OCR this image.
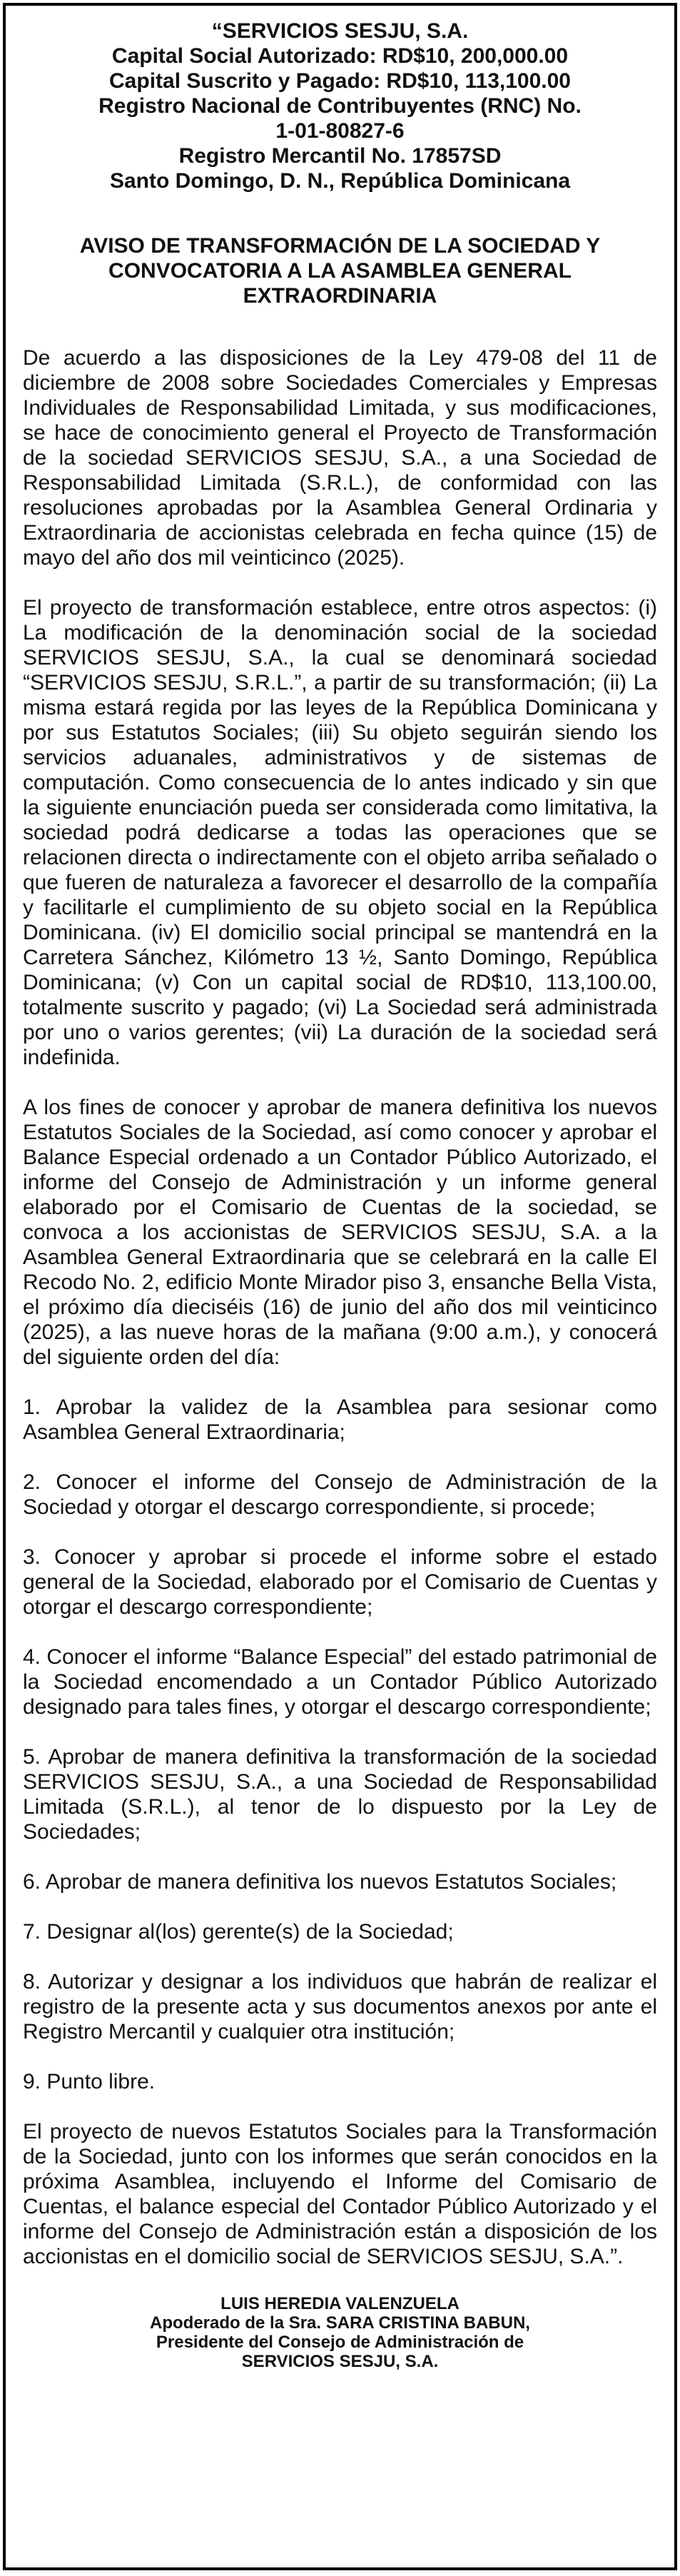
“SERVICIOS SESJU, S.A.
Capital Social Autorizado: RD$10, 200,000.00
Capital Suscrito y Pagado: RD$10, 113,100.00
Registro Nacional de Contribuyentes (RNC) No.
1-01-80827-6
Registro Mercantil No. 17857SD
Santo Domingo, D. N., República Dominicana
AVISO DE TRANSFORMACIÓN DE LA SOCIEDAD Y
CONVOCATORIA A LA ASAMBLEA GENERAL
EXTRAORDINARIA

De acuerdo a las disposiciones de la Ley 479-08 del 11 de diciembre de 2008 sobre Sociedades Comerciales y Empresas Individuales de Responsabilidad Limitada, y sus modificaciones, se hace de conocimiento general el Proyecto de Transformación de la sociedad SERVICIOS SESJU, S.A., a una Sociedad de Responsabilidad Limitada (S.R.L.), de conformidad con las resoluciones aprobadas por la Asamblea General Ordinaria y Extraordinaria de accionistas celebrada en fecha quince (15) de mayo del año dos mil veinticinco (2025).

El proyecto de transformación establece, entre otros aspectos: (i) La modificación de la denominación social de la sociedad SERVICIOS SESJU, S.A., la cual se denominará sociedad “SERVICIOS SESJU, S.R.L.”, a partir de su transformación; (ii) La misma estará regida por las leyes de la República Dominicana y por sus Estatutos Sociales; (iii) Su objeto seguirán siendo los servicios aduanales, administrativos y de sistemas de computación. Como consecuencia de lo antes indicado y sin que la siguiente enunciación pueda ser considerada como limitativa, la sociedad podrá dedicarse a todas las operaciones que se relacionen directa o indirectamente con el objeto arriba señalado o que fueren de naturaleza a favorecer el desarrollo de la compañía y facilitarle el cumplimiento de su objeto social en la República Dominicana. (iv) El domicilio social principal se mantendrá en la Carretera Sánchez, Kilómetro 13 ½, Santo Domingo, República Dominicana; (v) Con un capital social de RD$10, 113,100.00, totalmente suscrito y pagado; (vi) La Sociedad será administrada por uno o varios gerentes; (vii) La duración de la sociedad será indefinida.

A los fines de conocer y aprobar de manera definitiva los nuevos Estatutos Sociales de la Sociedad, así como conocer y aprobar el Balance Especial ordenado a un Contador Público Autorizado, el informe del Consejo de Administración y un informe general elaborado por el Comisario de Cuentas de la sociedad, se convoca a los accionistas de SERVICIOS SESJU, S.A. a la Asamblea General Extraordinaria que se celebrará en la calle El Recodo No. 2, edificio Monte Mirador piso 3, ensanche Bella Vista, el próximo día dieciséis (16) de junio del año dos mil veinticinco (2025), a las nueve horas de la mañana (9:00 a.m.), y conocerá del siguiente orden del día:

1. Aprobar la validez de la Asamblea para sesionar como Asamblea General Extraordinaria;

2. Conocer el informe del Consejo de Administración de la Sociedad y otorgar el descargo correspondiente, si procede;

3. Conocer y aprobar si procede el informe sobre el estado general de la Sociedad, elaborado por el Comisario de Cuentas y otorgar el descargo correspondiente;

4. Conocer el informe “Balance Especial” del estado patrimonial de la Sociedad encomendado a un Contador Público Autorizado designado para tales fines, y otorgar el descargo correspondiente;

5. Aprobar de manera definitiva la transformación de la sociedad SERVICIOS SESJU, S.A., a una Sociedad de Responsabilidad Limitada (S.R.L.), al tenor de lo dispuesto por la Ley de Sociedades;

6. Aprobar de manera definitiva los nuevos Estatutos Sociales;

7. Designar al(los) gerente(s) de la Sociedad;

8. Autorizar y designar a los individuos que habrán de realizar el registro de la presente acta y sus documentos anexos por ante el Registro Mercantil y cualquier otra institución;

9. Punto libre.

El proyecto de nuevos Estatutos Sociales para la Transformación de la Sociedad, junto con los informes que serán conocidos en la próxima Asamblea, incluyendo el Informe del Comisario de Cuentas, el balance especial del Contador Público Autorizado y el informe del Consejo de Administración están a disposición de los accionistas en el domicilio social de SERVICIOS SESJU, S.A.”.

LUIS HEREDIA VALENZUELA
Apoderado de la Sra. SARA CRISTINA BABUN,
Presidente del Consejo de Administración de
SERVICIOS SESJU, S.A.
